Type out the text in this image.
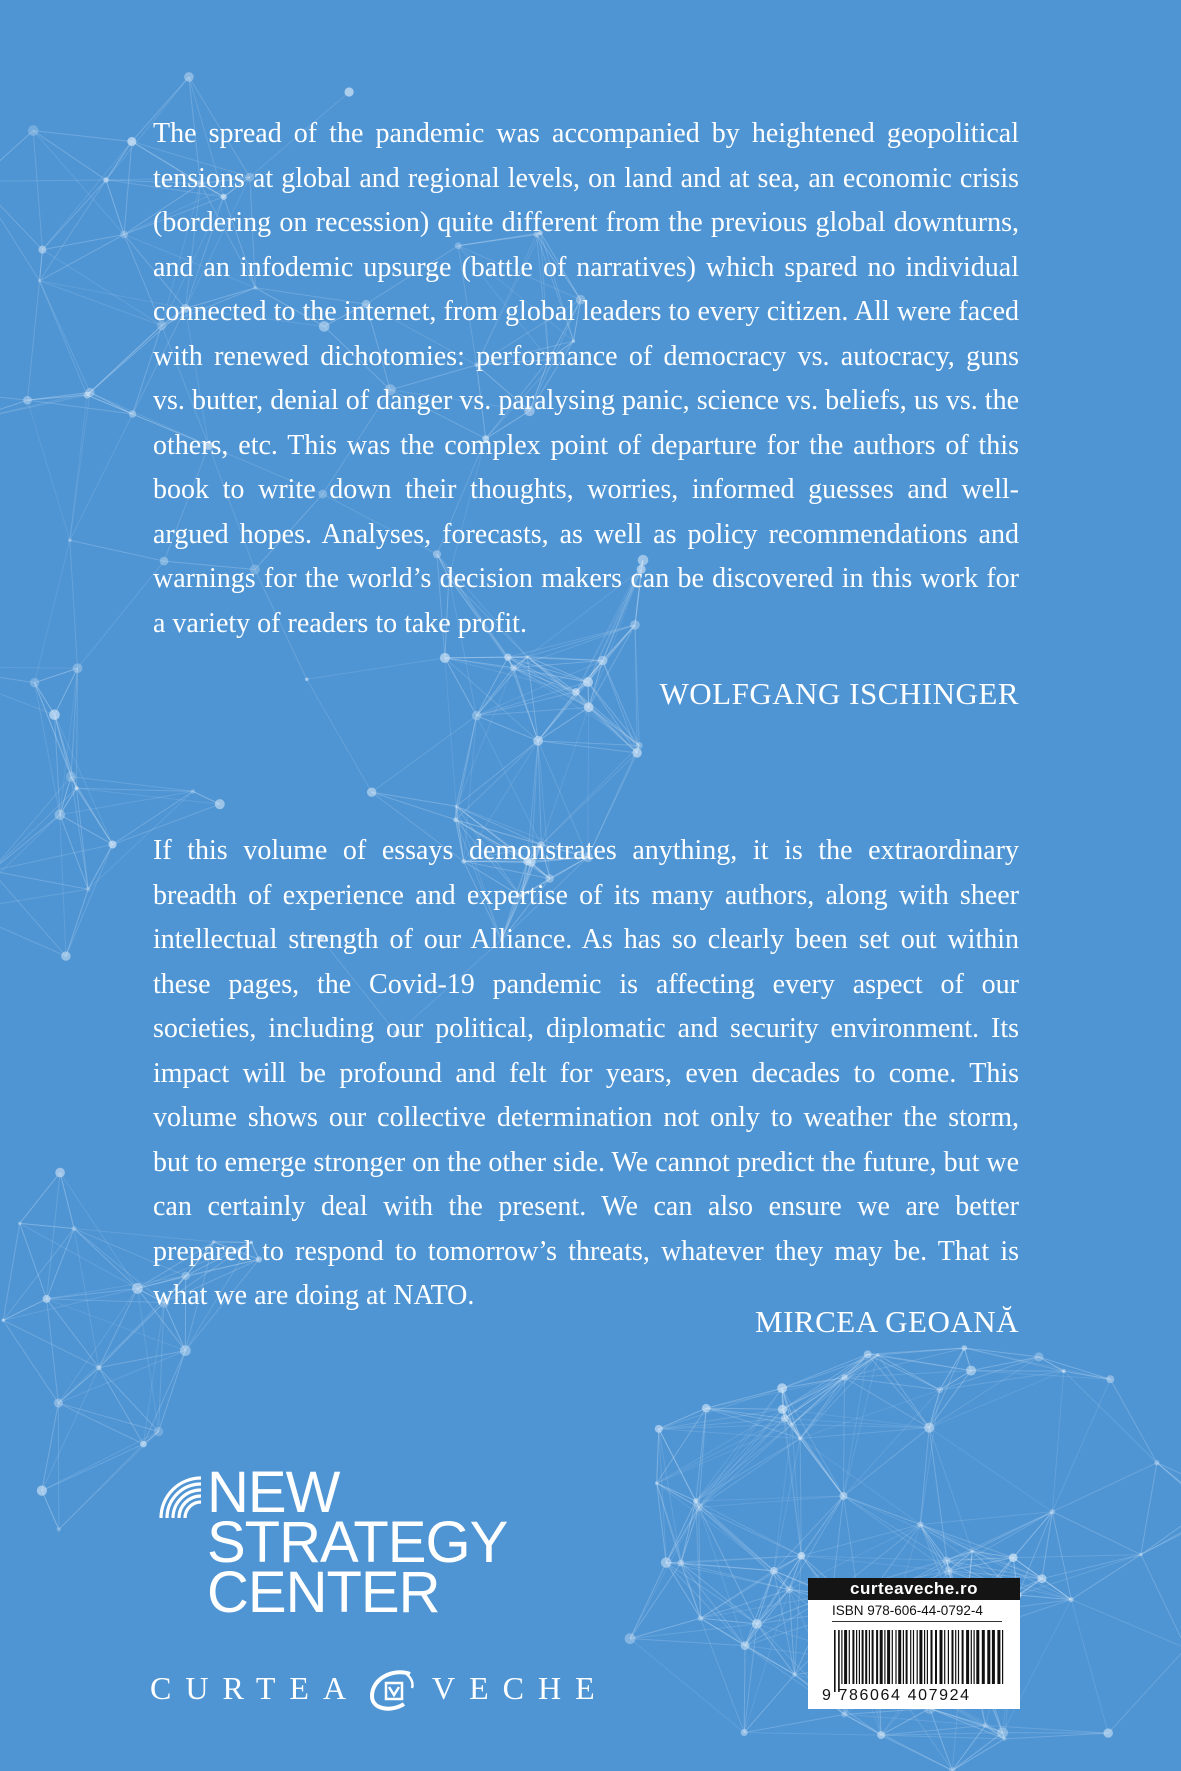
The spread of the pandemic was accompanied by heightened geopolitical tensions at global and regional levels, on land and at sea, an economic crisis (bordering on recession) quite different from the previous global downturns, and an infodemic upsurge (battle of narratives) which spared no individual connected to the internet, from global leaders to every citizen. All were faced with renewed dichotomies: performance of democracy vs. autocracy, guns vs. butter, denial of danger vs. paralysing panic, science vs. beliefs, us vs. the others, etc. This was the complex point of departure for the authors of this book to write down their thoughts, worries, informed guesses and well-argued hopes. Analyses, forecasts, as well as policy recommendations and warnings for the world’s decision makers can be discovered in this work for a variety of readers to take profit.

WOLFGANG ISCHINGER

If this volume of essays demonstrates anything, it is the extraordinary breadth of experience and expertise of its many authors, along with sheer intellectual strength of our Alliance. As has so clearly been set out within these pages, the Covid-19 pandemic is affecting every aspect of our societies, including our political, diplomatic and security environment. Its impact will be profound and felt for years, even decades to come. This volume shows our collective determination not only to weather the storm, but to emerge stronger on the other side. We cannot predict the future, but we can certainly deal with the present. We can also ensure we are better prepared to respond to tomorrow’s threats, whatever they may be. That is what we are doing at NATO.

MIRCEA GEOANĂ
NEW
STRATEGY
CENTER
CURTEA VECHE
curteaveche.ro
ISBN 978-606-44-0792-4
9 786064 407924
